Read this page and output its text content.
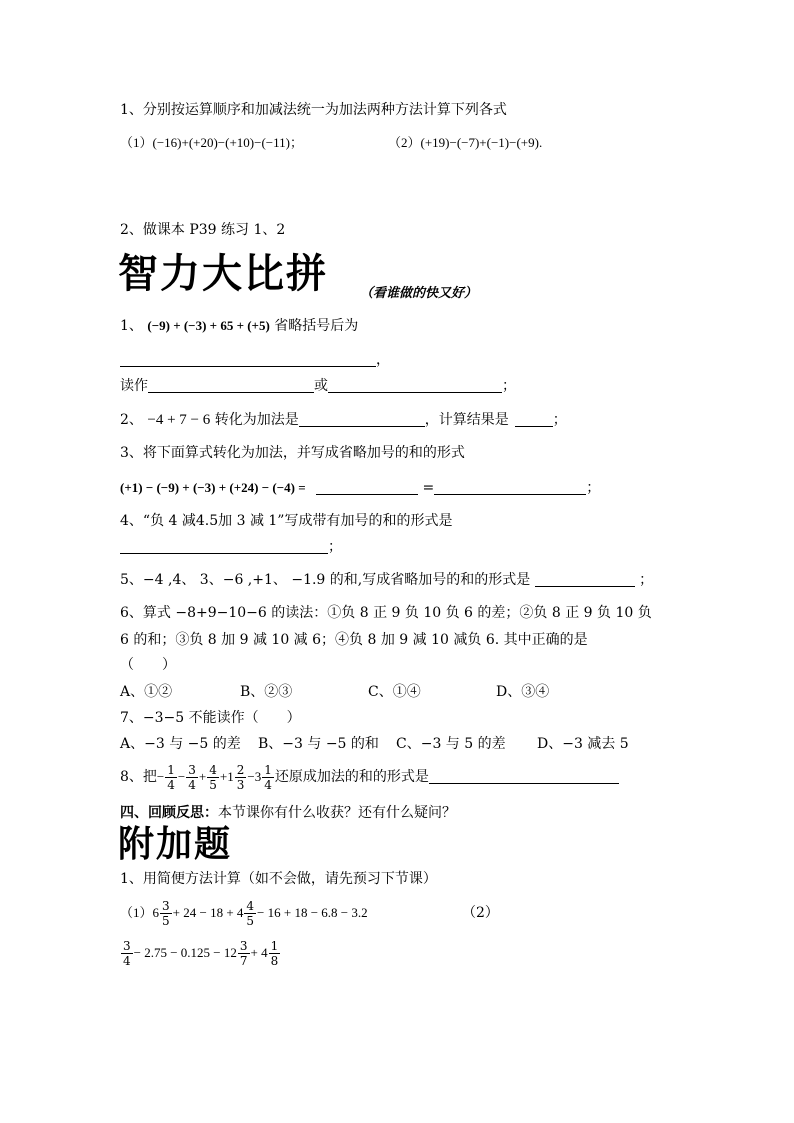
1、分别按运算顺序和加减法统一为加法两种方法计算下列各式
（1）(−16)+(+20)−(+10)−(−11)；	（2）(+19)−(−7)+(−1)−(+9).
2、做课本 P39 练习 1、2
智力大比拼 （看谁做的快又好）
1、 (−9) + (−3) + 65 + (+5) 省略括号后为
，
读作	或	；
2、 −4 + 7 − 6 转化为加法是	，计算结果是	；
3、将下面算式转化为加法，并写成省略加号的和的形式
(+1) − (−9) + (−3) + (+24) − (−4) =	=	；
4、“负 4 减4.5加 3 减 1”写成带有加号的和的形式是
；
5、−4 ,4、 3、−6 ,+1、 −1.9 的和,写成省略加号的和的形式是	；
6、算式 −8+9−10−6 的读法：①负 8 正 9 负 10 负 6 的差；②负 8 正 9 负 10 负
6 的和；③负 8 加 9 减 10 减 6；④负 8 加 9 减 10 减负 6. 其中正确的是
（　　）
A、①②	B、②③	C、①④	D、③④
7、−3−5 不能读作（　　）
A、−3 与 −5 的差 B、−3 与 −5 的和 C、−3 与 5 的差 D、−3 减去 5
8、把− $\frac{1}{4} - \frac{3}{4} + \frac{4}{5} +1 \frac{2}{3} -3 \frac{1}{4}$ 还原成加法的和的形式是
四、回顾反思：本节课你有什么收获？还有什么疑问？
附加题
1、用简便方法计算（如不会做，请先预习下节课）
$(1)6 \frac{3}{5} + 24 - 18 + 4 \frac{4}{5} - 16 + 18 - 6.8 - 3.2$	（2）
$\frac{3}{4} - 2.75 - 0.125 - 12 \frac{3}{7} + 4 \frac{1}{8}$
